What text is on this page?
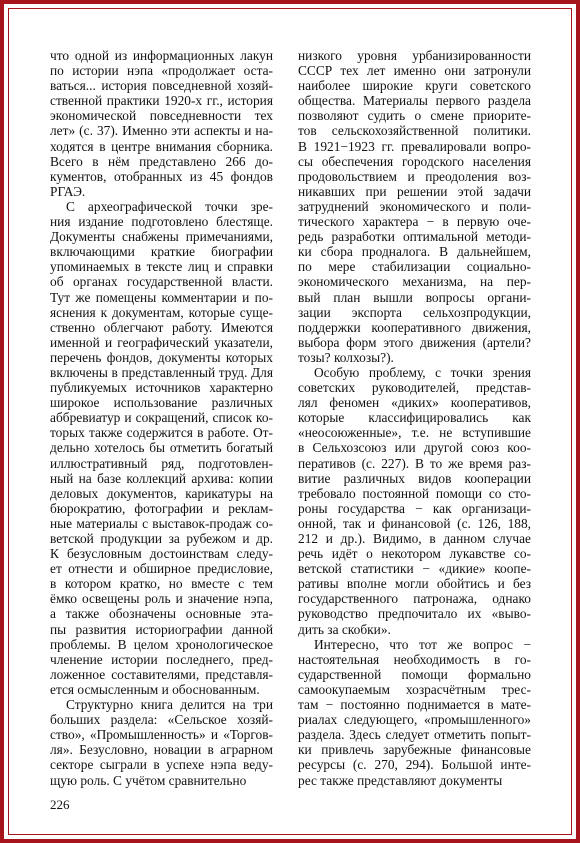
что одной из информационных лакун
по истории нэпа «продолжает оста-
ваться... история повседневной хозяй-
ственной практики 1920-х гг., история
экономической повседневности тех
лет» (с. 37). Именно эти аспекты и на-
ходятся в центре внимания сборника.
Всего в нём представлено 266 до-
кументов, отобранных из 45 фондов
РГАЭ.
С археографической точки зре-
ния издание подготовлено блестяще.
Документы снабжены примечаниями,
включающими краткие биографии
упоминаемых в тексте лиц и справки
об органах государственной власти.
Тут же помещены комментарии и по-
яснения к документам, которые суще-
ственно облегчают работу. Имеются
именной и географический указатели,
перечень фондов, документы которых
включены в представленный труд. Для
публикуемых источников характерно
широкое использование различных
аббревиатур и сокращений, список ко-
торых также содержится в работе. От-
дельно хотелось бы отметить богатый
иллюстративный ряд, подготовлен-
ный на базе коллекций архива: копии
деловых документов, карикатуры на
бюрократию, фотографии и реклам-
ные материалы с выставок-продаж со-
ветской продукции за рубежом и др.
К безусловным достоинствам следу-
ет отнести и обширное предисловие,
в котором кратко, но вместе с тем
ёмко освещены роль и значение нэпа,
а также обозначены основные эта-
пы развития историографии данной
проблемы. В целом хронологическое
членение истории последнего, пред-
ложенное составителями, представля-
ется осмысленным и обоснованным.
Структурно книга делится на три
больших раздела: «Сельское хозяй-
ство», «Промышленность» и «Торгов-
ля». Безусловно, новации в аграрном
секторе сыграли в успехе нэпа веду-
щую роль. С учётом сравнительно
низкого уровня урбанизированности
СССР тех лет именно они затронули
наиболее широкие круги советского
общества. Материалы первого раздела
позволяют судить о смене приорите-
тов сельскохозяйственной политики.
В 1921−1923 гг. превалировали вопро-
сы обеспечения городского населения
продовольствием и преодоления воз-
никавших при решении этой задачи
затруднений экономического и поли-
тического характера − в первую оче-
редь разработки оптимальной методи-
ки сбора продналога. В дальнейшем,
по мере стабилизации социально-
экономического механизма, на пер-
вый план вышли вопросы органи-
зации экспорта сельхозпродукции,
поддержки кооперативного движения,
выбора форм этого движения (артели?
тозы? колхозы?).
Особую проблему, с точки зрения
советских руководителей, представ-
лял феномен «диких» кооперативов,
которые классифицировались как
«неосоюженные», т.е. не вступившие
в Сельхозсоюз или другой союз коо-
перативов (с. 227). В то же время раз-
витие различных видов кооперации
требовало постоянной помощи со сто-
роны государства − как организаци-
онной, так и финансовой (с. 126, 188,
212 и др.). Видимо, в данном случае
речь идёт о некотором лукавстве со-
ветской статистики − «дикие» коопе-
ративы вполне могли обойтись и без
государственного патронажа, однако
руководство предпочитало их «выво-
дить за скобки».
Интересно, что тот же вопрос −
настоятельная необходимость в го-
сударственной помощи формально
самоокупаемым хозрасчётным трес-
там − постоянно поднимается в мате-
риалах следующего, «промышленного»
раздела. Здесь следует отметить попыт-
ки привлечь зарубежные финансовые
ресурсы (с. 270, 294). Большой инте-
рес также представляют документы
226
